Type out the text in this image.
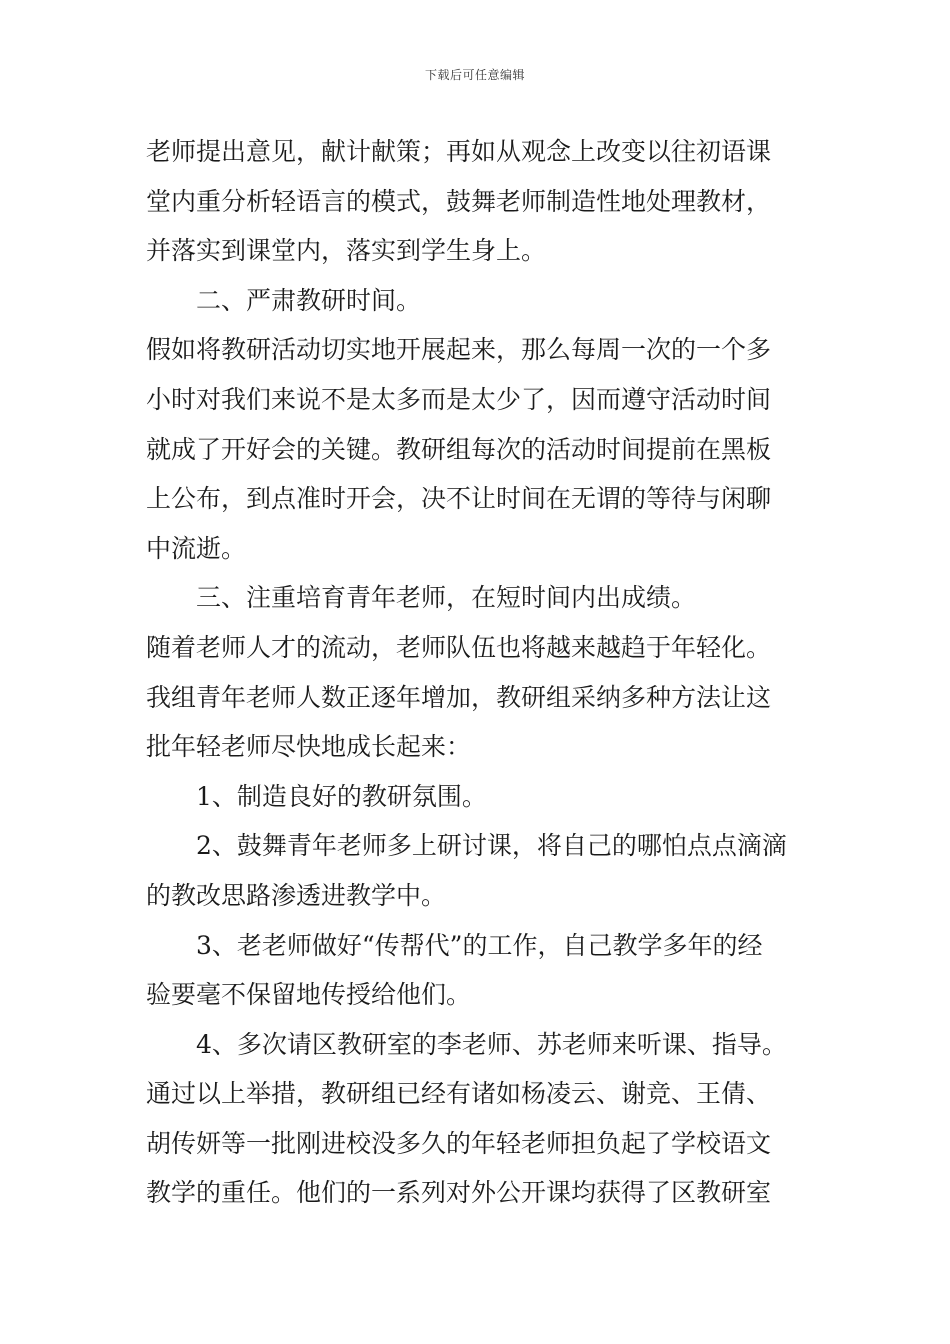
下载后可任意编辑
老师提出意见，献计献策；再如从观念上改变以往初语课
堂内重分析轻语言的模式，鼓舞老师制造性地处理教材，
并落实到课堂内，落实到学生身上。
二、严肃教研时间。
假如将教研活动切实地开展起来，那么每周一次的一个多
小时对我们来说不是太多而是太少了，因而遵守活动时间
就成了开好会的关键。教研组每次的活动时间提前在黑板
上公布，到点准时开会，决不让时间在无谓的等待与闲聊
中流逝。
三、注重培育青年老师，在短时间内出成绩。
随着老师人才的流动，老师队伍也将越来越趋于年轻化。
我组青年老师人数正逐年增加，教研组采纳多种方法让这
批年轻老师尽快地成长起来：
1、制造良好的教研氛围。
2、鼓舞青年老师多上研讨课，将自己的哪怕点点滴滴
的教改思路渗透进教学中。
3、老老师做好“传帮代”的工作，自己教学多年的经
验要毫不保留地传授给他们。
4、多次请区教研室的李老师、苏老师来听课、指导。
通过以上举措，教研组已经有诸如杨凌云、谢竞、王倩、
胡传妍等一批刚进校没多久的年轻老师担负起了学校语文
教学的重任。他们的一系列对外公开课均获得了区教研室
